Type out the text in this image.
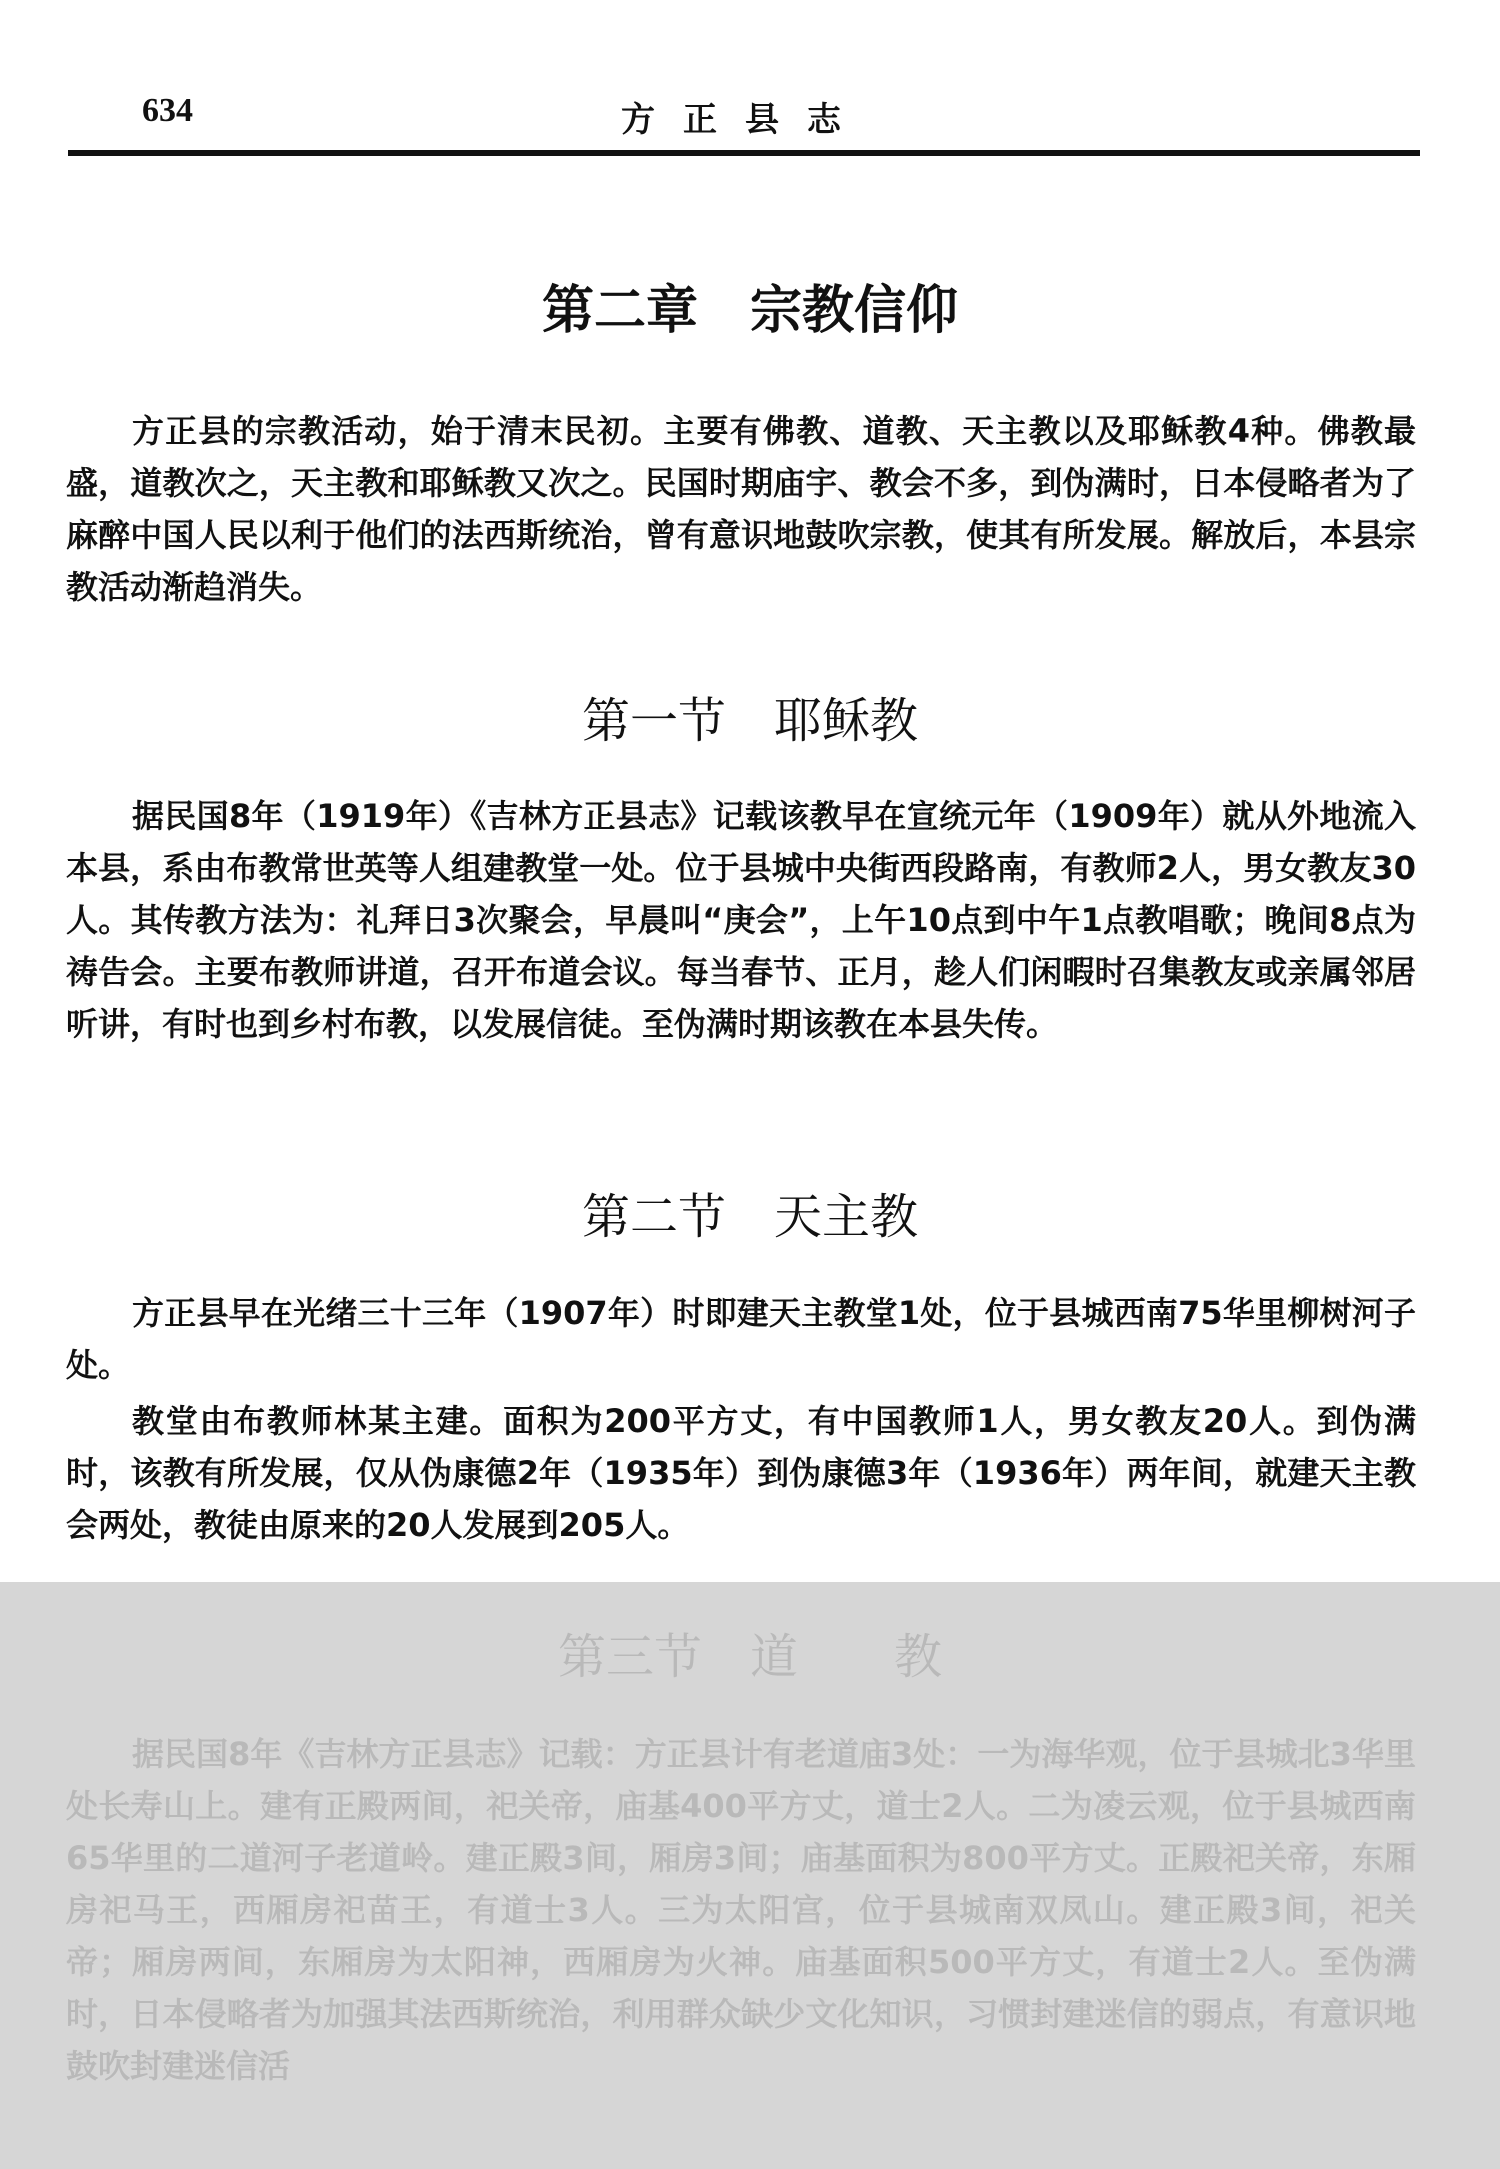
634	方正县志
第二章　宗教信仰

方正县的宗教活动，始于清末民初。主要有佛教、道教、天主教以及耶稣教4种。佛教最盛，道教次之，天主教和耶稣教又次之。民国时期庙宇、教会不多，到伪满时，日本侵略者为了麻醉中国人民以利于他们的法西斯统治，曾有意识地鼓吹宗教，使其有所发展。解放后，本县宗教活动渐趋消失。

第一节　耶稣教

据民国8年（1919年）《吉林方正县志》记载该教早在宣统元年（1909年）就从外地流入本县，系由布教常世英等人组建教堂一处。位于县城中央街西段路南，有教师2人，男女教友30人。其传教方法为：礼拜日3次聚会，早晨叫“庚会”，上午10点到中午1点教唱歌；晚间8点为祷告会。主要布教师讲道，召开布道会议。每当春节、正月，趁人们闲暇时召集教友或亲属邻居听讲，有时也到乡村布教，以发展信徒。至伪满时期该教在本县失传。

第二节　天主教

方正县早在光绪三十三年（1907年）时即建天主教堂1处，位于县城西南75华里柳树河子处。

教堂由布教师林某主建。面积为200平方丈，有中国教师1人，男女教友20人。到伪满时，该教有所发展，仅从伪康德2年（1935年）到伪康德3年（1936年）两年间，就建天主教会两处，教徒由原来的20人发展到205人。

第三节　道　　教

据民国8年《吉林方正县志》记载：方正县计有老道庙3处：一为海华观，位于县城北3华里处长寿山上。建有正殿两间，祀关帝，庙基400平方丈，道士2人。二为凌云观，位于县城西南65华里的二道河子老道岭。建正殿3间，厢房3间；庙基面积为800平方丈。正殿祀关帝，东厢房祀马王，西厢房祀苗王，有道士3人。三为太阳宫，位于县城南双凤山。建正殿3间，祀关帝；厢房两间，东厢房为太阳神，西厢房为火神。庙基面积500平方丈，有道士2人。至伪满时，日本侵略者为加强其法西斯统治，利用群众缺少文化知识，习惯封建迷信的弱点，有意识地鼓吹封建迷信活
